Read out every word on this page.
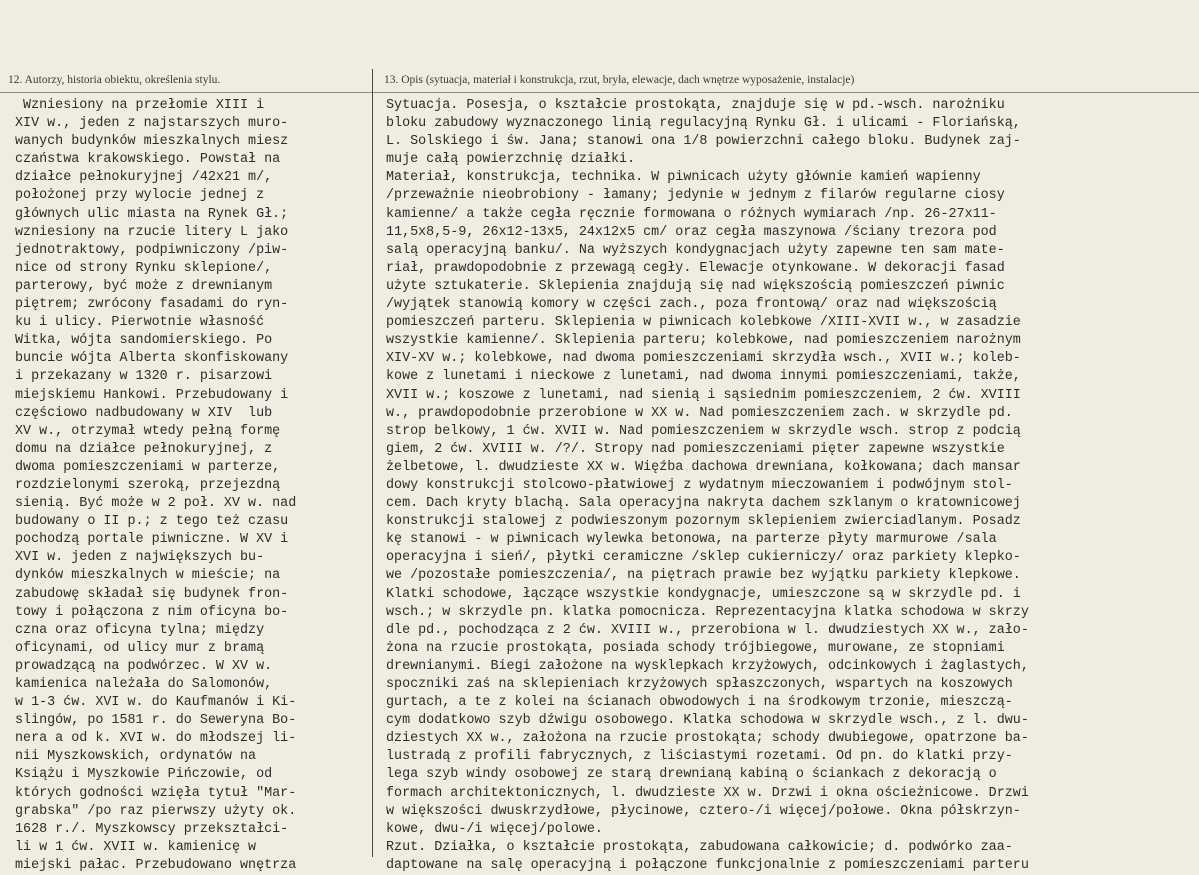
12. Autorzy, historia obiektu, określenia stylu.	13. Opis (sytuacja, materiał i konstrukcja, rzut, bryła, elewacje, dach wnętrze wyposażenie, instalacje)
Wzniesiony na przełomie XIII i
XIV w., jeden z najstarszych muro-
wanych budynków mieszkalnych miesz
czaństwa krakowskiego. Powstał na
działce pełnokuryjnej /42x21 m/,
położonej przy wylocie jednej z
głównych ulic miasta na Rynek Gł.;
wzniesiony na rzucie litery L jako
jednotraktowy, podpiwniczony /piw-
nice od strony Rynku sklepione/,
parterowy, być może z drewnianym
piętrem; zwrócony fasadami do ryn-
ku i ulicy. Pierwotnie własność
Witka, wójta sandomierskiego. Po
buncie wójta Alberta skonfiskowany
i przekazany w 1320 r. pisarzowi
miejskiemu Hankowi. Przebudowany i
częściowo nadbudowany w XIV  lub
XV w., otrzymał wtedy pełną formę
domu na działce pełnokuryjnej, z
dwoma pomieszczeniami w parterze,
rozdzielonymi szeroką, przejezdną
sienią. Być może w 2 poł. XV w. nad
budowany o II p.; z tego też czasu
pochodzą portale piwniczne. W XV i
XVI w. jeden z największych bu-
dynków mieszkalnych w mieście; na
zabudowę składał się budynek fron-
towy i połączona z nim oficyna bo-
czna oraz oficyna tylna; między
oficynami, od ulicy mur z bramą
prowadzącą na podwórzec. W XV w.
kamienica należała do Salomonów,
w 1-3 ćw. XVI w. do Kaufmanów i Ki-
slingów, po 1581 r. do Seweryna Bo-
nera a od k. XVI w. do młodszej li-
nii Myszkowskich, ordynatów na
Książu i Myszkowie Pińczowie, od
których godności wzięła tytuł "Mar-
grabska" /po raz pierwszy użyty ok.
1628 r./. Myszkowscy przekształci-
li w 1 ćw. XVII w. kamienicę w
miejski pałac. Przebudowano wnętrza
Sytuacja. Posesja, o kształcie prostokąta, znajduje się w pd.-wsch. narożniku
bloku zabudowy wyznaczonego linią regulacyjną Rynku Gł. i ulicami - Floriańską,
L. Solskiego i św. Jana; stanowi ona 1/8 powierzchni całego bloku. Budynek zaj-
muje całą powierzchnię działki.
Materiał, konstrukcja, technika. W piwnicach użyty głównie kamień wapienny
/przeważnie nieobrobiony - łamany; jedynie w jednym z filarów regularne ciosy
kamienne/ a także cegła ręcznie formowana o różnych wymiarach /np. 26-27x11-
11,5x8,5-9, 26x12-13x5, 24x12x5 cm/ oraz cegła maszynowa /ściany trezora pod
salą operacyjną banku/. Na wyższych kondygnacjach użyty zapewne ten sam mate-
riał, prawdopodobnie z przewagą cegły. Elewacje otynkowane. W dekoracji fasad
użyte sztukaterie. Sklepienia znajdują się nad większością pomieszczeń piwnic
/wyjątek stanowią komory w części zach., poza frontową/ oraz nad większością
pomieszczeń parteru. Sklepienia w piwnicach kolebkowe /XIII-XVII w., w zasadzie
wszystkie kamienne/. Sklepienia parteru; kolebkowe, nad pomieszczeniem narożnym
XIV-XV w.; kolebkowe, nad dwoma pomieszczeniami skrzydła wsch., XVII w.; koleb-
kowe z lunetami i nieckowe z lunetami, nad dwoma innymi pomieszczeniami, także,
XVII w.; koszowe z lunetami, nad sienią i sąsiednim pomieszczeniem, 2 ćw. XVIII
w., prawdopodobnie przerobione w XX w. Nad pomieszczeniem zach. w skrzydle pd.
strop belkowy, 1 ćw. XVII w. Nad pomieszczeniem w skrzydle wsch. strop z podcią
giem, 2 ćw. XVIII w. /?/. Stropy nad pomieszczeniami pięter zapewne wszystkie
żelbetowe, l. dwudzieste XX w. Więźba dachowa drewniana, kołkowana; dach mansar
dowy konstrukcji stolcowo-płatwiowej z wydatnym mieczowaniem i podwójnym stol-
cem. Dach kryty blachą. Sala operacyjna nakryta dachem szklanym o kratownicowej
konstrukcji stalowej z podwieszonym pozornym sklepieniem zwierciadlanym. Posadz
kę stanowi - w piwnicach wylewka betonowa, na parterze płyty marmurowe /sala
operacyjna i sień/, płytki ceramiczne /sklep cukierniczy/ oraz parkiety klepko-
we /pozostałe pomieszczenia/, na piętrach prawie bez wyjątku parkiety klepkowe.
Klatki schodowe, łączące wszystkie kondygnacje, umieszczone są w skrzydle pd. i
wsch.; w skrzydle pn. klatka pomocnicza. Reprezentacyjna klatka schodowa w skrzy
dle pd., pochodząca z 2 ćw. XVIII w., przerobiona w l. dwudziestych XX w., zało-
żona na rzucie prostokąta, posiada schody trójbiegowe, murowane, ze stopniami
drewnianymi. Biegi założone na wysklepkach krzyżowych, odcinkowych i żaglastych,
spoczniki zaś na sklepieniach krzyżowych spłaszczonych, wspartych na koszowych
gurtach, a te z kolei na ścianach obwodowych i na środkowym trzonie, mieszczą-
cym dodatkowo szyb dźwigu osobowego. Klatka schodowa w skrzydle wsch., z l. dwu-
dziestych XX w., założona na rzucie prostokąta; schody dwubiegowe, opatrzone ba-
lustradą z profili fabrycznych, z liściastymi rozetami. Od pn. do klatki przy-
lega szyb windy osobowej ze starą drewnianą kabiną o ściankach z dekoracją o
formach architektonicznych, l. dwudzieste XX w. Drzwi i okna ościeżnicowe. Drzwi
w większości dwuskrzydłowe, płycinowe, cztero-/i więcej/połowe. Okna półskrzyn-
kowe, dwu-/i więcej/polowe.
Rzut. Działka, o kształcie prostokąta, zabudowana całkowicie; d. podwórko zaa-
daptowane na salę operacyjną i połączone funkcjonalnie z pomieszczeniami parteru
